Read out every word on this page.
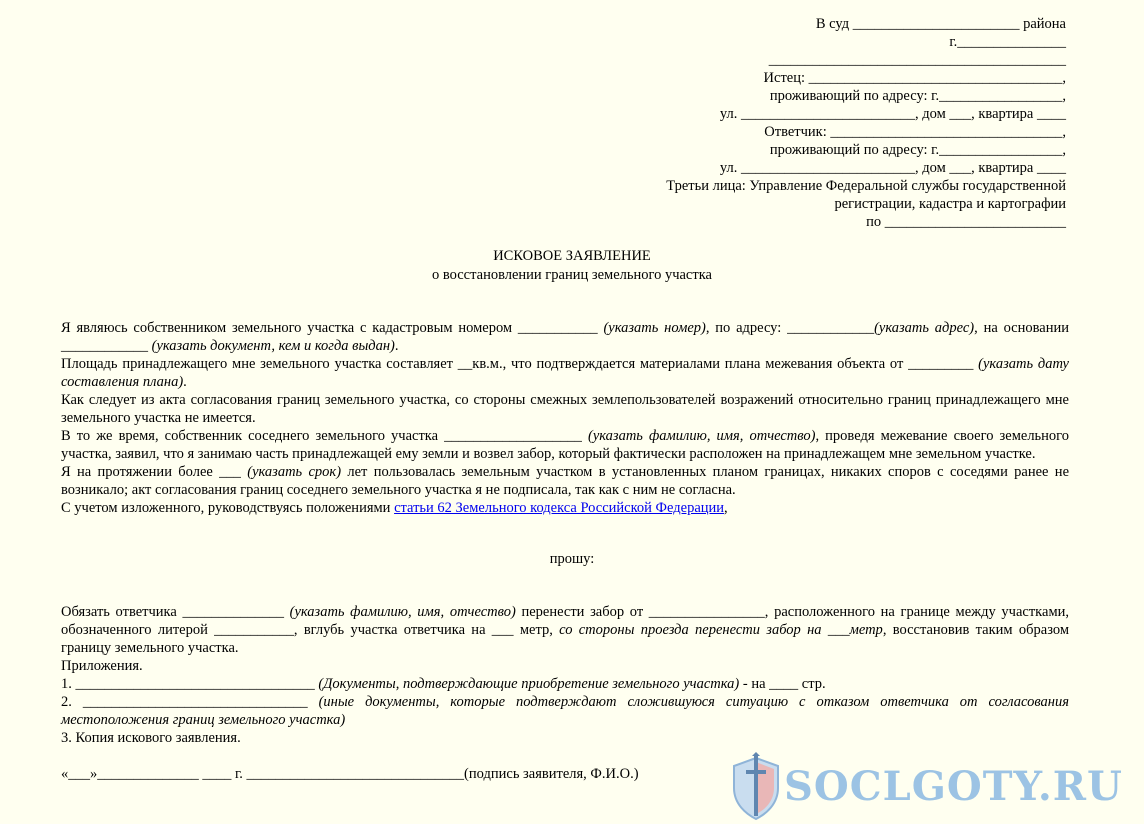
В суд _______________________ района
г._______________
_________________________________________
Истец: ___________________________________,
проживающий по адресу: г._________________,
ул. ________________________, дом ___, квартира ____
Ответчик: ________________________________,
проживающий по адресу: г._________________,
ул. ________________________, дом ___, квартира ____
Третьи лица: Управление Федеральной службы государственной
регистрации, кадастра и картографии
по _________________________
ИСКОВОЕ ЗАЯВЛЕНИЕ
о восстановлении границ земельного участка

Я являюсь собственником земельного участка с кадастровым номером ___________ (указать номер), по адресу: ____________(указать адрес), на основании ____________ (указать документ, кем и когда выдан).

Площадь принадлежащего мне земельного участка составляет __кв.м., что подтверждается материалами плана межевания объекта от _________ (указать дату составления плана).

Как следует из акта согласования границ земельного участка, со стороны смежных землепользователей возражений относительно границ принадлежащего мне земельного участка не имеется.

В то же время, собственник соседнего земельного участка ___________________ (указать фамилию, имя, отчество), проведя межевание своего земельного участка, заявил, что я занимаю часть принадлежащей ему земли и возвел забор, который фактически расположен на принадлежащем мне земельном участке.

Я на протяжении более ___ (указать срок) лет пользовалась земельным участком в установленных планом границах, никаких споров с соседями ранее не возникало; акт согласования границ соседнего земельного участка я не подписала, так как с ним не согласна.

С учетом изложенного, руководствуясь положениями статьи 62 Земельного кодекса Российской Федерации,

прошу:

Обязать ответчика ______________ (указать фамилию, имя, отчество) перенести забор от ________________, расположенного на границе между участками, обозначенного литерой ___________, вглубь участка ответчика на ___ метр, со стороны проезда перенести забор на ___метр, восстановив таким образом границу земельного участка.

Приложения.

1. _________________________________ (Документы, подтверждающие приобретение земельного участка) - на ____ стр.

2. _______________________________ (иные документы, которые подтверждают сложившуюся ситуацию с отказом ответчика от согласования местоположения границ земельного участка)

3. Копия искового заявления.

«___»______________ ____ г. ______________________________(подпись заявителя, Ф.И.О.)	SOCLGOTY.RU
